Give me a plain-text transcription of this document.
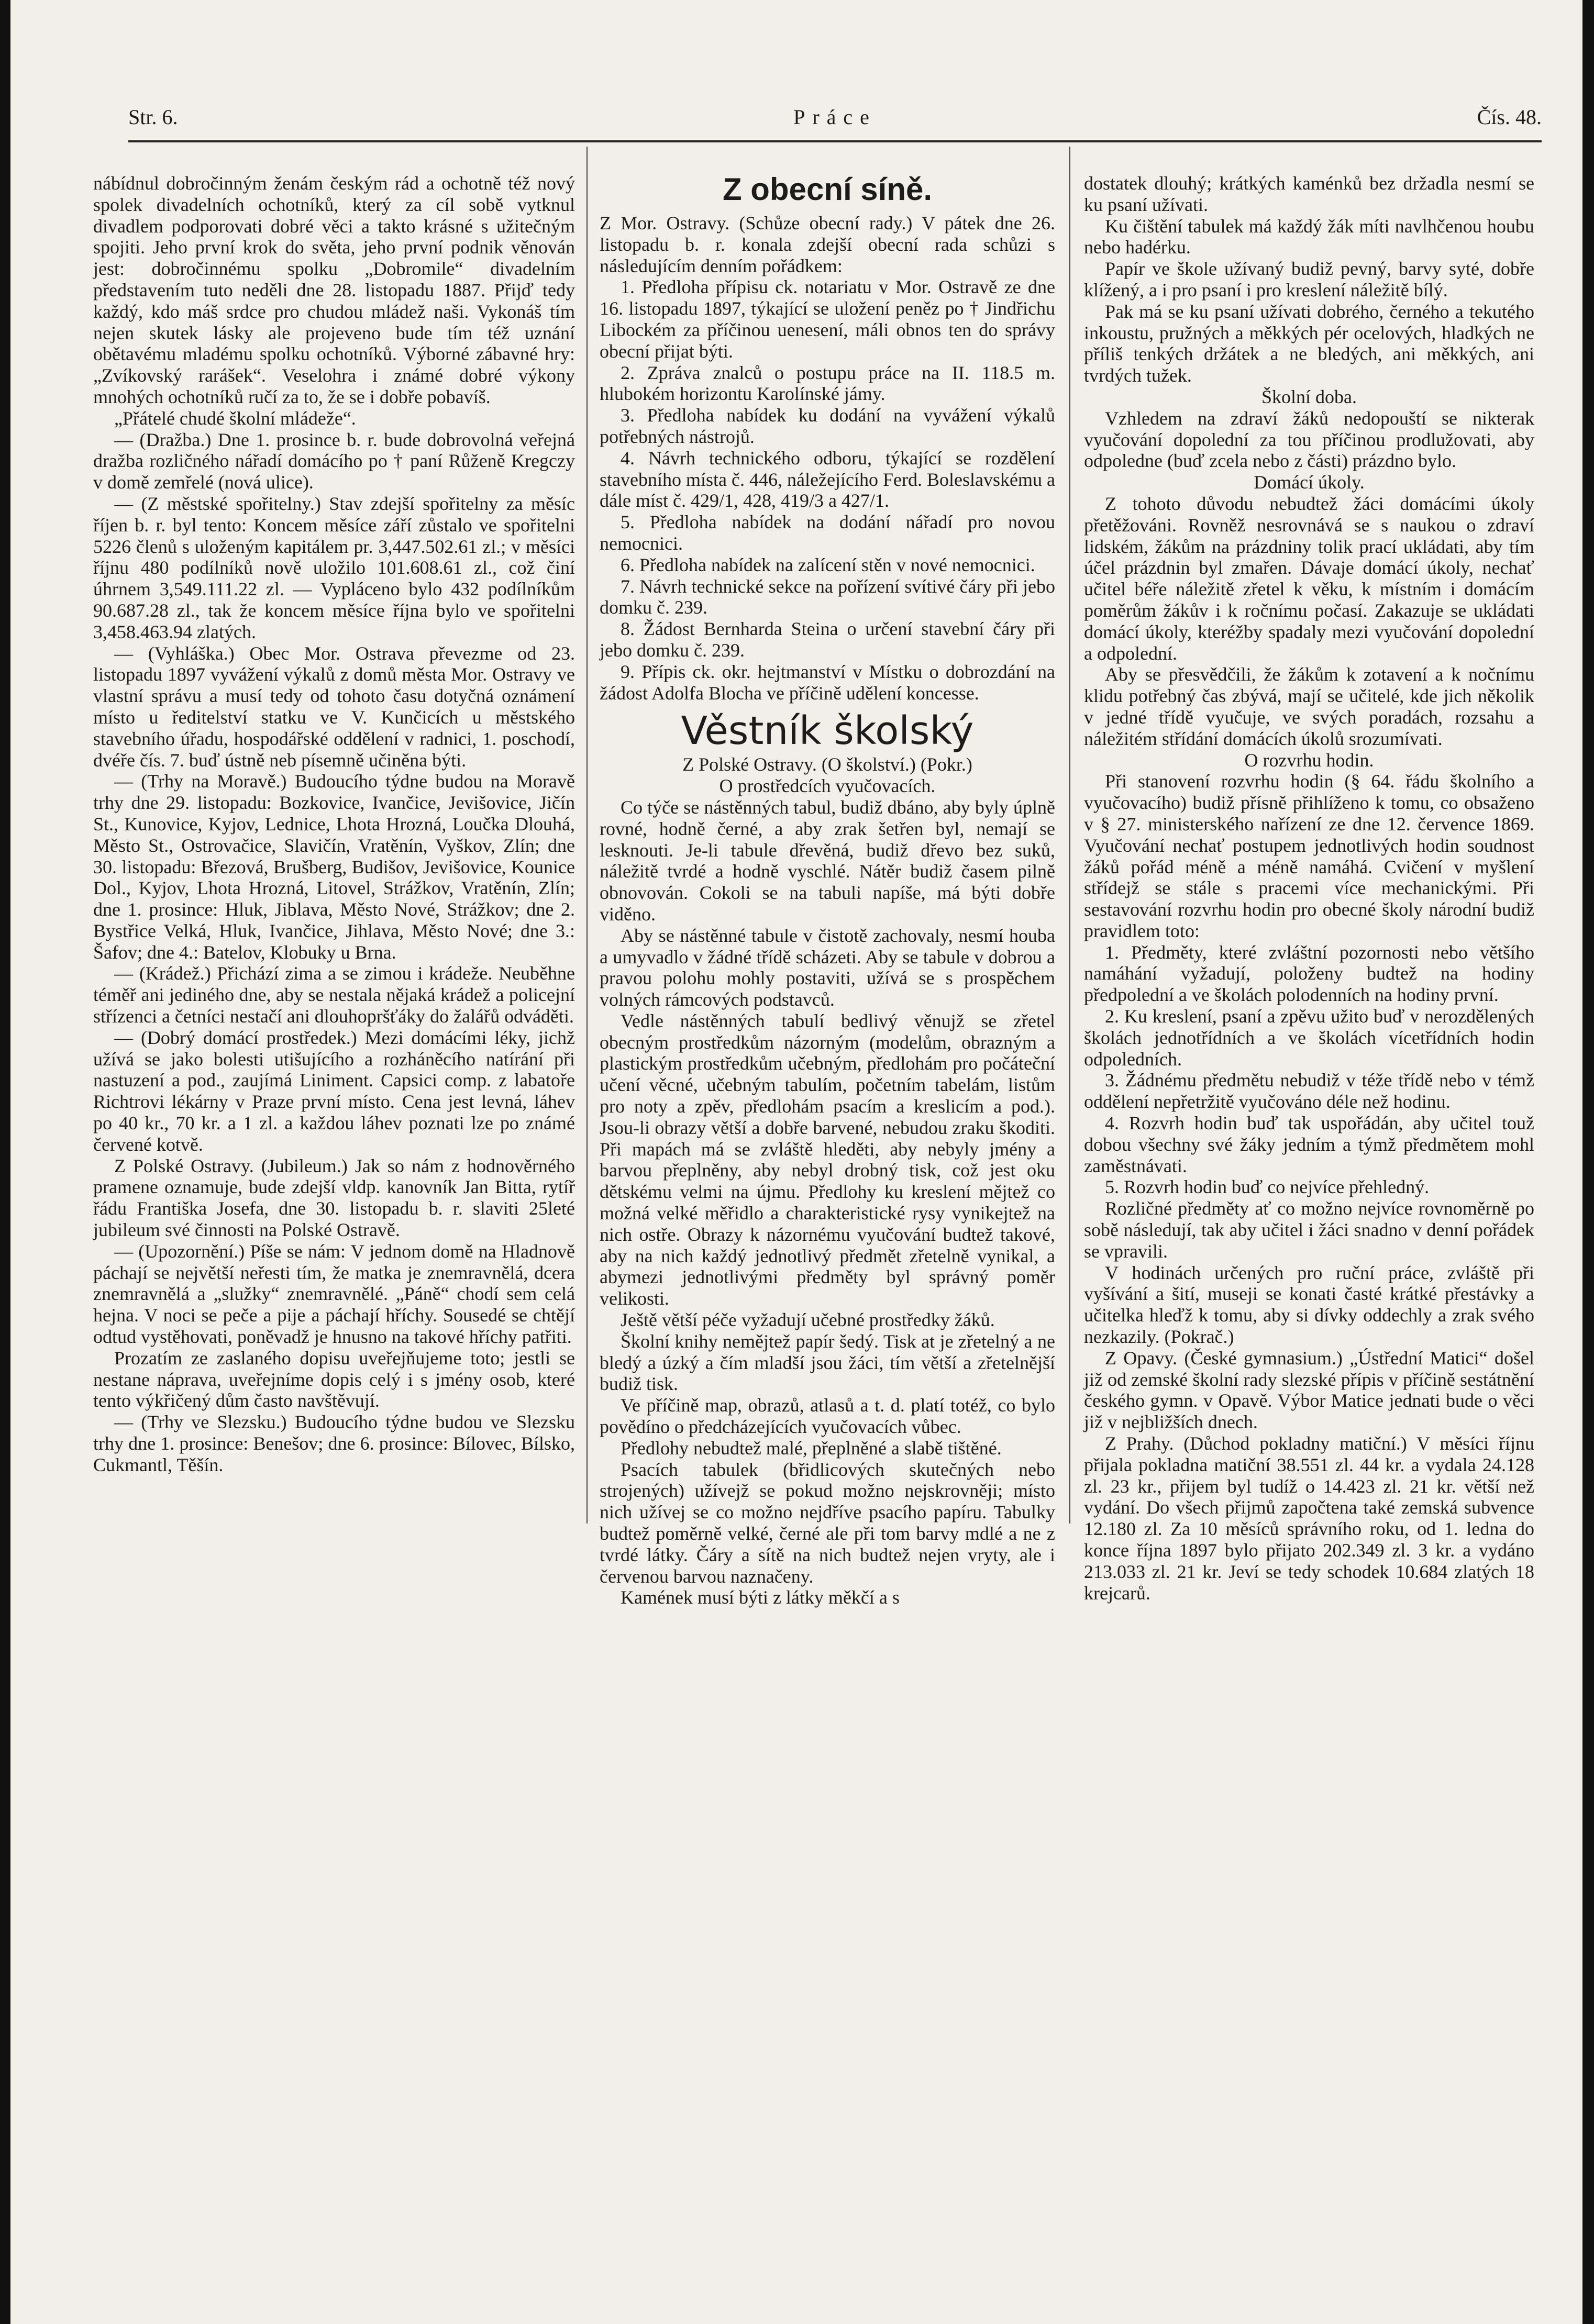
Str. 6.	Práce	Čís. 48.

nábídnul dobročinným ženám českým rád a ochotně též nový spolek divadelních ochotníků, který za cíl sobě vytknul divadlem podporovati dobré věci a takto krásné s užitečným spojiti. Jeho první krok do světa, jeho první podnik věnován jest: dobročinnému spolku „Dobromile“ divadelním představením tuto neděli dne 28. listopadu 1887. Přijď tedy každý, kdo máš srdce pro chudou mládež naši. Vykonáš tím nejen skutek lásky ale projeveno bude tím též uznání obětavému mladému spolku ochotníků. Výborné zábavné hry: „Zvíkovský rarášek“. Veselohra i známé dobré výkony mnohých ochotníků ručí za to, že se i dobře pobavíš.

„Přátelé chudé školní mládeže“.

— (Dražba.) Dne 1. prosince b. r. bude dobrovolná veřejná dražba rozličného nářadí domácího po † paní Růženě Kregczy v domě zemřelé (nová ulice).

— (Z městské spořitelny.) Stav zdejší spořitelny za měsíc říjen b. r. byl tento: Koncem měsíce září zůstalo ve spořitelni 5226 členů s uloženým kapitálem pr. 3,447.502.61 zl.; v měsíci říjnu 480 podílníků nově uložilo 101.608.61 zl., což činí úhrnem 3,549.111.22 zl. — Vypláceno bylo 432 podílníkům 90.687.28 zl., tak že koncem měsíce října bylo ve spořitelni 3,458.463.94 zlatých.

— (Vyhláška.) Obec Mor. Ostrava převezme od 23. listopadu 1897 vyvážení výkalů z domů města Mor. Ostravy ve vlastní správu a musí tedy od tohoto času dotyčná oznámení místo u ředitelství statku ve V. Kunčicích u městského stavebního úřadu, hospodářské oddělení v radnici, 1. poschodí, dvéře čís. 7. buď ústně neb písemně učiněna býti.

— (Trhy na Moravě.) Budoucího týdne budou na Moravě trhy dne 29. listopadu: Bozkovice, Ivančice, Jevišovice, Jičín St., Kunovice, Kyjov, Lednice, Lhota Hrozná, Loučka Dlouhá, Město St., Ostrovačice, Slavičín, Vratěnín, Vyškov, Zlín; dne 30. listopadu: Březová, Brušberg, Budišov, Jevišovice, Kounice Dol., Kyjov, Lhota Hrozná, Litovel, Strážkov, Vratěnín, Zlín; dne 1. prosince: Hluk, Jiblava, Město Nové, Strážkov; dne 2. Bystřice Velká, Hluk, Ivančice, Jihlava, Město Nové; dne 3.: Šafov; dne 4.: Batelov, Klobuky u Brna.

— (Krádež.) Přichází zima a se zimou i krádeže. Neuběhne téměř ani jediného dne, aby se nestala nějaká krádež a policejní střízenci a četníci nestačí ani dlouhopršťáky do žalářů odváděti.

— (Dobrý domácí prostředek.) Mezi domácími léky, jichž užívá se jako bolesti utišujícího a rozháněcího natírání při nastuzení a pod., zaujímá Liniment. Capsici comp. z labatoře Richtrovi lékárny v Praze první místo. Cena jest levná, láhev po 40 kr., 70 kr. a 1 zl. a každou láhev poznati lze po známé červené kotvě.

Z Polské Ostravy. (Jubileum.) Jak so nám z hodnověrného pramene oznamuje, bude zdejší vldp. kanovník Jan Bitta, rytíř řádu Františka Josefa, dne 30. listopadu b. r. slaviti 25leté jubileum své činnosti na Polské Ostravě.

— (Upozornění.) Píše se nám: V jednom domě na Hladnově páchají se největší neřesti tím, že matka je znemravnělá, dcera znemravnělá a „služky“ znemravnělé. „Páně“ chodí sem celá hejna. V noci se peče a pije a páchají hříchy. Sousedé se chtějí odtud vystěhovati, poněvadž je hnusno na takové hříchy patřiti.

Prozatím ze zaslaného dopisu uveřejňujeme toto; jestli se nestane náprava, uveřejníme dopis celý i s jmény osob, které tento výkřičený dům často navštěvují.

— (Trhy ve Slezsku.) Budoucího týdne budou ve Slezsku trhy dne 1. prosince: Benešov; dne 6. prosince: Bílovec, Bílsko, Cukmantl, Těšín.

Z obecní síně.

Z Mor. Ostravy. (Schůze obecní rady.) V pátek dne 26. listopadu b. r. konala zdejší obecní rada schůzi s následujícím denním pořádkem:

1. Předloha přípisu ck. notariatu v Mor. Ostravě ze dne 16. listopadu 1897, týkající se uložení peněz po † Jindřichu Libockém za příčinou uenesení, máli obnos ten do správy obecní přijat býti.

2. Zpráva znalců o postupu práce na II. 118.5 m. hlubokém horizontu Karolínské jámy.

3. Předloha nabídek ku dodání na vyvážení výkalů potřebných nástrojů.

4. Návrh technického odboru, týkající se rozdělení stavebního místa č. 446, náležejícího Ferd. Boleslavskému a dále míst č. 429/1, 428, 419/3 a 427/1.

5. Předloha nabídek na dodání nářadí pro novou nemocnici.

6. Předloha nabídek na zalícení stěn v nové nemocnici.

7. Návrh technické sekce na pořízení svítivé čáry při jebo domku č. 239.

8. Žádost Bernharda Steina o určení stavební čáry při jebo domku č. 239.

9. Přípis ck. okr. hejtmanství v Místku o dobrozdání na žádost Adolfa Blocha ve příčině udělení koncesse.

Věstník školský

Z Polské Ostravy. (O školství.) (Pokr.)

O prostředcích vyučovacích.

Co týče se nástěnných tabul, budiž dbáno, aby byly úplně rovné, hodně černé, a aby zrak šetřen byl, nemají se lesknouti. Je-li tabule dřevěná, budiž dřevo bez suků, náležitě tvrdé a hodně vyschlé. Nátěr budiž časem pilně obnovován. Cokoli se na tabuli napíše, má býti dobře viděno.

Aby se nástěnné tabule v čistotě zachovaly, nesmí houba a umyvadlo v žádné třídě scházeti. Aby se tabule v dobrou a pravou polohu mohly postaviti, užívá se s prospěchem volných rámcových podstavců.

Vedle nástěnných tabulí bedlivý věnujž se zřetel obecným prostředkům názorným (modelům, obrazným a plastickým prostředkům učebným, předlohám pro počáteční učení věcné, učebným tabulím, početním tabelám, listům pro noty a zpěv, předlohám psacím a kreslicím a pod.). Jsou-li obrazy větší a dobře barvené, nebudou zraku škoditi. Při mapách má se zvláště hleděti, aby nebyly jmény a barvou přeplněny, aby nebyl drobný tisk, což jest oku dětskému velmi na újmu. Předlohy ku kreslení mějtež co možná velké měřidlo a charakteristické rysy vynikejtež na nich ostře. Obrazy k názornému vyučování budtež takové, aby na nich každý jednotlivý předmět zřetelně vynikal, a abymezi jednotlivými předměty byl správný poměr velikosti.

Ještě větší péče vyžadují učebné prostředky žáků.

Školní knihy nemějtež papír šedý. Tisk at je zřetelný a ne bledý a úzký a čím mladší jsou žáci, tím větší a zřetelnější budiž tisk.

Ve příčině map, obrazů, atlasů a t. d. platí totéž, co bylo povědíno o předcházejících vyučovacích vůbec.

Předlohy nebudtež malé, přeplněné a slabě tištěné.

Psacích tabulek (břidlicových skutečných nebo strojených) užívejž se pokud možno nejskrovněji; místo nich užívej se co možno nejdříve psacího papíru. Tabulky budtež poměrně velké, černé ale při tom barvy mdlé a ne z tvrdé látky. Čáry a sítě na nich budtež nejen vryty, ale i červenou barvou naznačeny.

Kamének musí býti z látky měkčí a s

dostatek dlouhý; krátkých kaménků bez držadla nesmí se ku psaní užívati.

Ku čištění tabulek má každý žák míti navlhčenou houbu nebo hadérku.

Papír ve škole užívaný budiž pevný, barvy syté, dobře klížený, a i pro psaní i pro kreslení náležitě bílý.

Pak má se ku psaní užívati dobrého, černého a tekutého inkoustu, pružných a měkkých pér ocelových, hladkých ne příliš tenkých držátek a ne bledých, ani měkkých, ani tvrdých tužek.

Školní doba.

Vzhledem na zdraví žáků nedopouští se nikterak vyučování dopolední za tou příčinou prodlužovati, aby odpoledne (buď zcela nebo z části) prázdno bylo.

Domácí úkoly.

Z tohoto důvodu nebudtež žáci domácími úkoly přetěžováni. Rovněž nesrovnává se s naukou o zdraví lidském, žákům na prázdniny tolik prací ukládati, aby tím účel prázdnin byl zmařen. Dávaje domácí úkoly, nechať učitel béře náležitě zřetel k věku, k místním i domácím poměrům žákův i k ročnímu počasí. Zakazuje se ukládati domácí úkoly, kteréžby spadaly mezi vyučování dopolední a odpolední.

Aby se přesvědčili, že žákům k zotavení a k nočnímu klidu potřebný čas zbývá, mají se učitelé, kde jich několik v jedné třídě vyučuje, ve svých poradách, rozsahu a náležitém střídání domácích úkolů srozumívati.

O rozvrhu hodin.

Při stanovení rozvrhu hodin (§ 64. řádu školního a vyučovacího) budiž přísně přihlíženo k tomu, co obsaženo v § 27. ministerského nařízení ze dne 12. července 1869. Vyučování nechať postupem jednotlivých hodin soudnost žáků pořád méně a méně namáhá. Cvičení v myšlení střídejž se stále s pracemi více mechanickými. Při sestavování rozvrhu hodin pro obecné školy národní budiž pravidlem toto:

1. Předměty, které zvláštní pozornosti nebo většího namáhání vyžadují, položeny budtež na hodiny předpolední a ve školách polodenních na hodiny první.

2. Ku kreslení, psaní a zpěvu užito buď v nerozdělených školách jednotřídních a ve školách vícetřídních hodin odpoledních.

3. Žádnému předmětu nebudiž v téže třídě nebo v témž oddělení nepřetržitě vyučováno déle než hodinu.

4. Rozvrh hodin buď tak uspořádán, aby učitel touž dobou všechny své žáky jedním a týmž předmětem mohl zaměstnávati.

5. Rozvrh hodin buď co nejvíce přehledný.

Rozličné předměty ať co možno nejvíce rovnoměrně po sobě následují, tak aby učitel i žáci snadno v denní pořádek se vpravili.

V hodinách určených pro ruční práce, zvláště při vyšívání a šití, museji se konati časté krátké přestávky a učitelka hleďž k tomu, aby si dívky oddechly a zrak svého nezkazily. (Pokrač.)

Z Opavy. (České gymnasium.) „Ústřední Matici“ došel již od zemské školní rady slezské přípis v příčině sestátnění českého gymn. v Opavě. Výbor Matice jednati bude o věci již v nejbližších dnech.

Z Prahy. (Důchod pokladny matiční.) V měsíci říjnu přijala pokladna matiční 38.551 zl. 44 kr. a vydala 24.128 zl. 23 kr., přijem byl tudíž o 14.423 zl. 21 kr. větší než vydání. Do všech přijmů započtena také zemská subvence 12.180 zl. Za 10 měsíců správního roku, od 1. ledna do konce října 1897 bylo přijato 202.349 zl. 3 kr. a vydáno 213.033 zl. 21 kr. Jeví se tedy schodek 10.684 zlatých 18 krejcarů.
